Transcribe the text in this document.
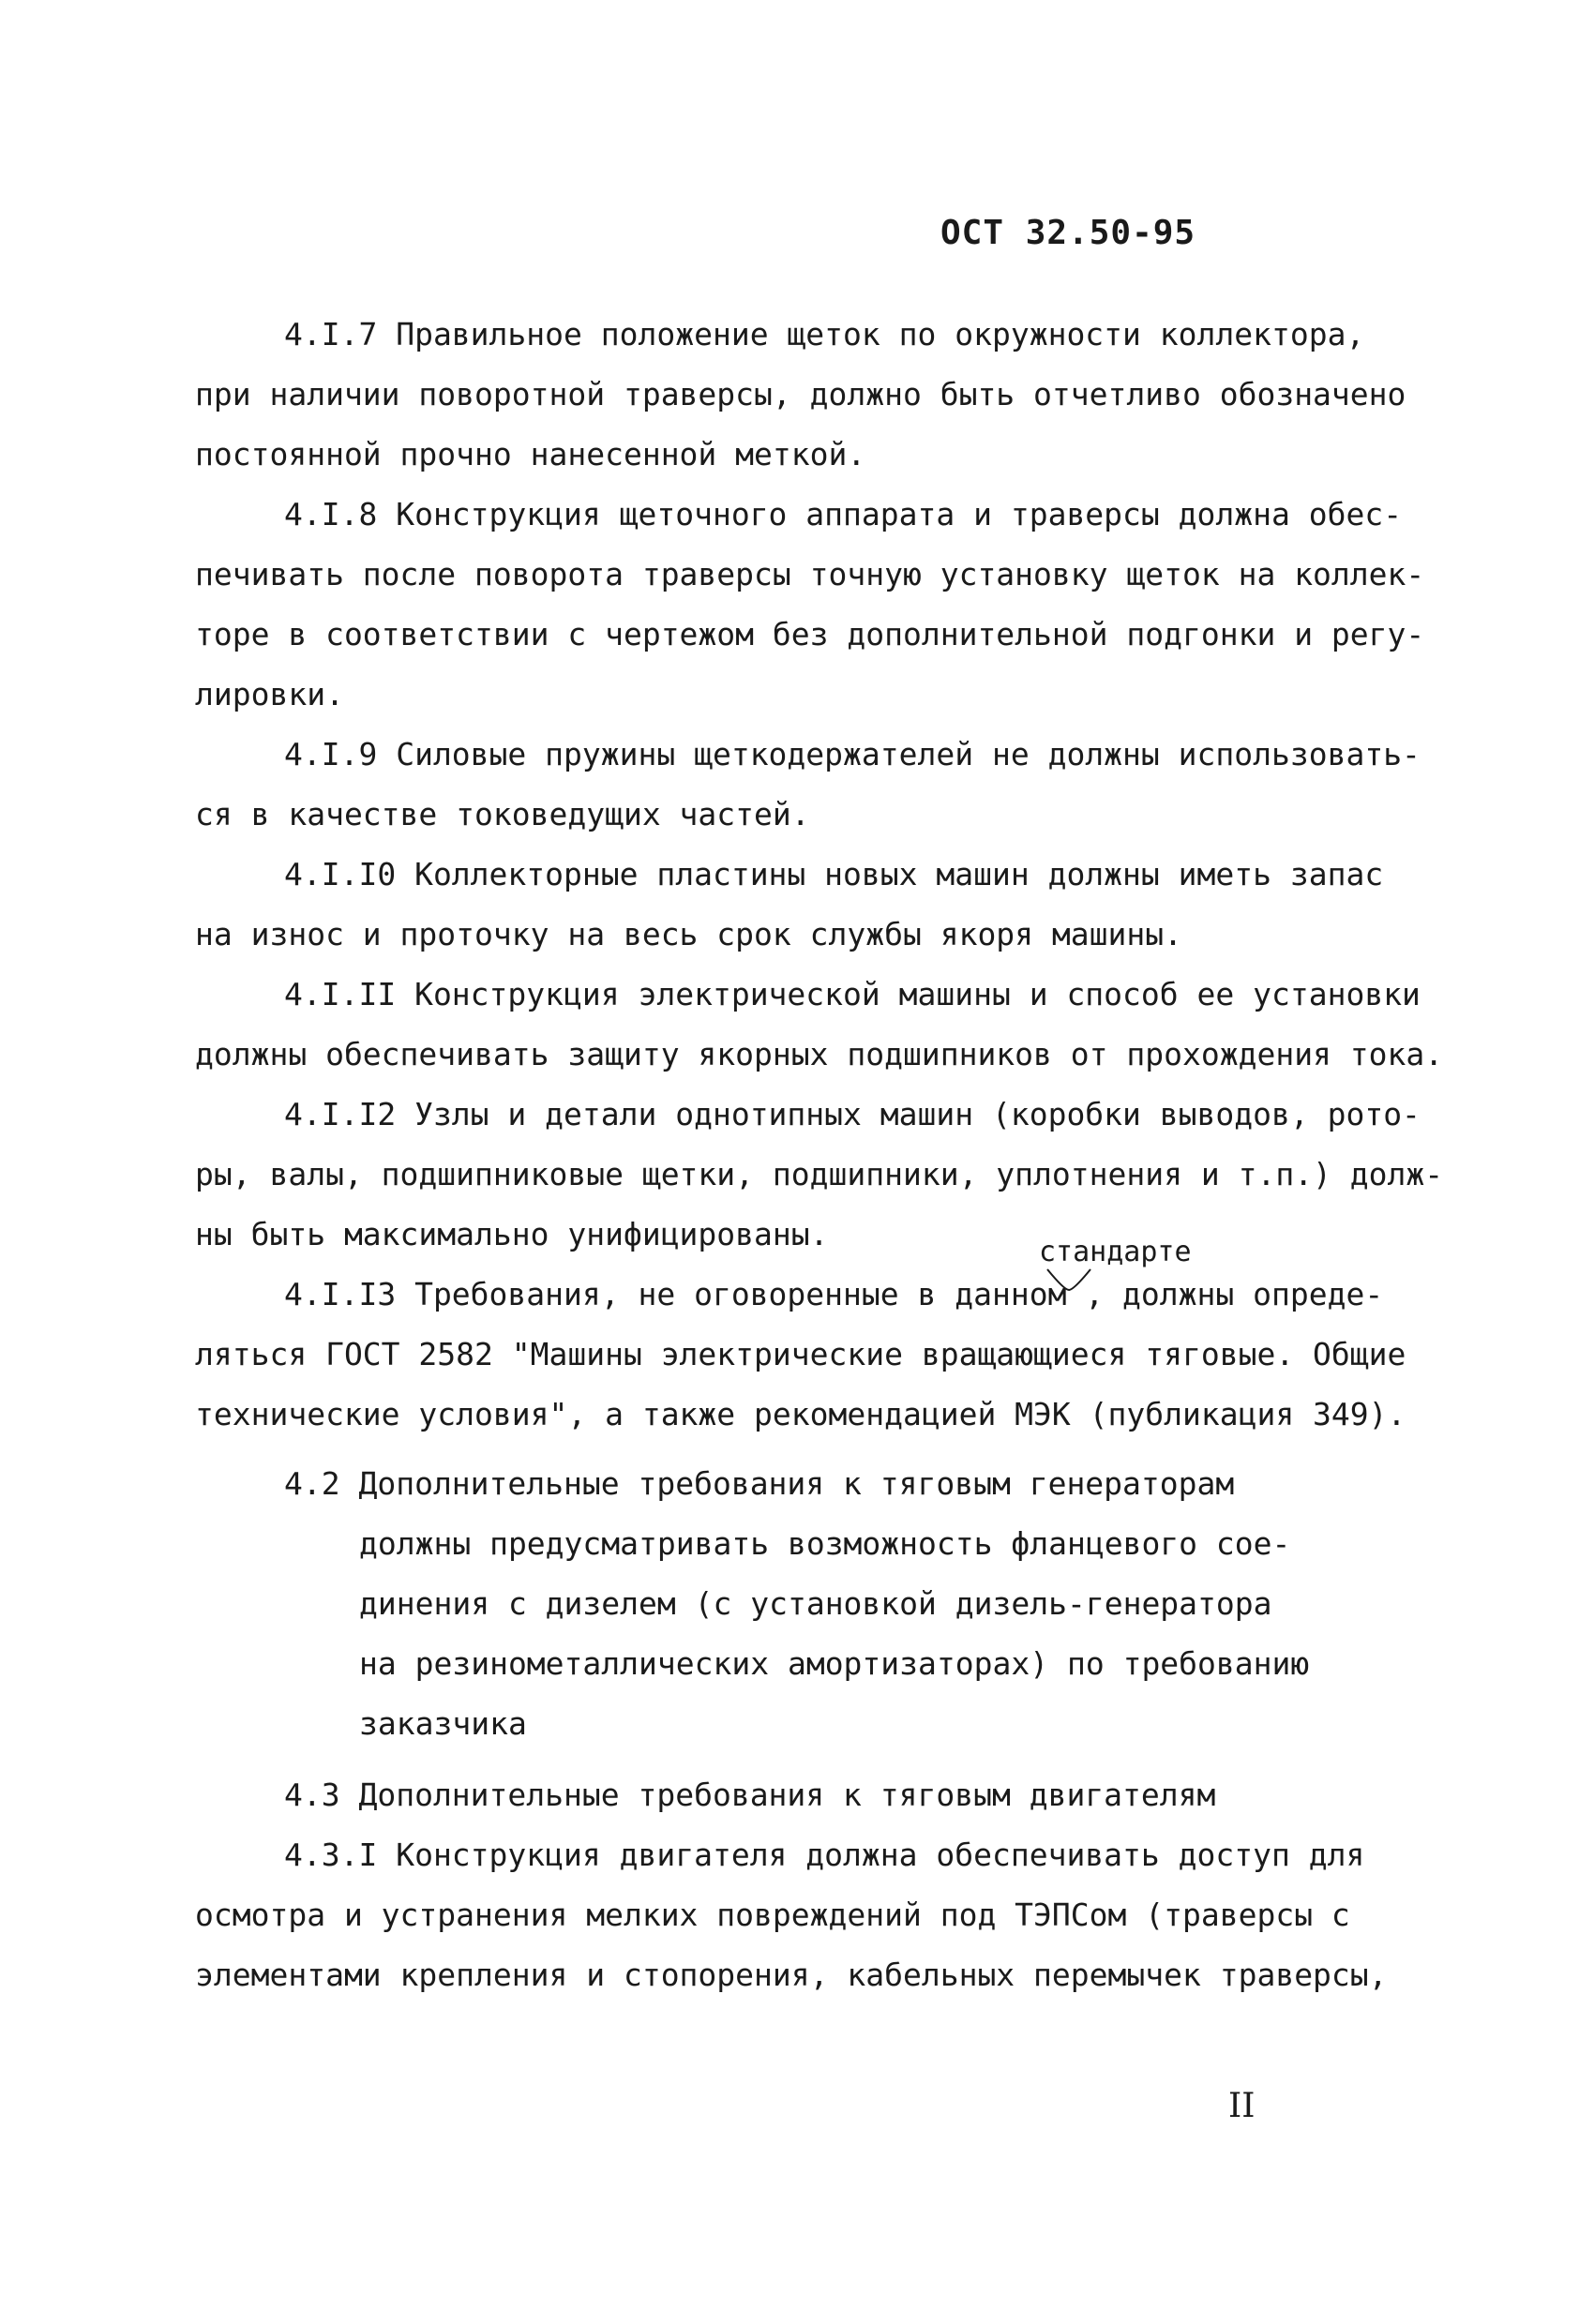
ОСТ 32.50-95
4.I.7 Правильное положение щеток по окружности коллектора,
при наличии поворотной траверсы, должно быть отчетливо обозначено
постоянной прочно нанесенной меткой.
4.I.8 Конструкция щеточного аппарата и траверсы должна обес-
печивать после поворота траверсы точную установку щеток на коллек-
торе в соответствии с чертежом без дополнительной подгонки и регу-
лировки.
4.I.9 Силовые пружины щеткодержателей не должны использовать-
ся в качестве токоведущих частей.
4.I.I0 Коллекторные пластины новых машин должны иметь запас
на износ и проточку на весь срок службы якоря машины.
4.I.II Конструкция электрической машины и способ ее установки
должны обеспечивать защиту якорных подшипников от прохождения тока.
4.I.I2 Узлы и детали однотипных машин (коробки выводов, рото-
ры, валы, подшипниковые щетки, подшипники, уплотнения и т.п.) долж-
ны быть максимально унифицированы.	стандарте
4.I.I3 Требования, не оговоренные в данном , должны опреде-
ляться ГОСТ 2582 "Машины электрические вращающиеся тяговые. Общие
технические условия", а также рекомендацией МЭК (публикация 349).
4.2 Дополнительные требования к тяговым генераторам
должны предусматривать возможность фланцевого сое-
динения с дизелем (с установкой дизель-генератора
на резинометаллических амортизаторах) по требованию
заказчика
4.3 Дополнительные требования к тяговым двигателям
4.3.I Конструкция двигателя должна обеспечивать доступ для
осмотра и устранения мелких повреждений под ТЭПСом (траверсы с
элементами крепления и стопорения, кабельных перемычек траверсы,
II
